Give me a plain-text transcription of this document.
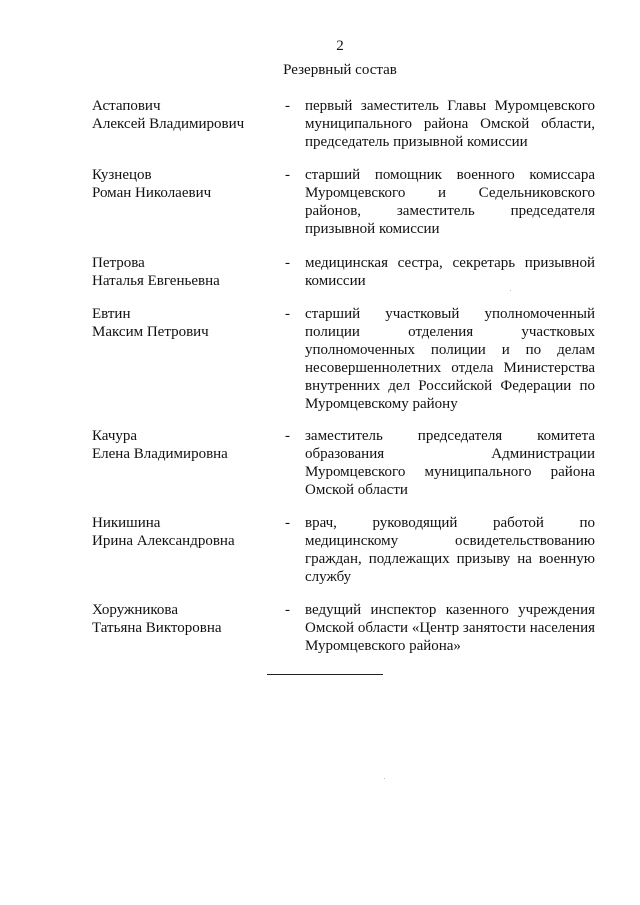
2
Резервный состав
Астапович
Алексей Владимирович
- первый заместитель Главы Муромцевского муниципального района Омской области, председатель призывной комиссии
Кузнецов
Роман Николаевич
- старший помощник военного комиссара Муромцевского и Седельниковского районов, заместитель председателя призывной комиссии
Петрова
Наталья Евгеньевна
- медицинская сестра, секретарь призывной комиссии
Евтин
Максим Петрович
- старший участковый уполномоченный полиции отделения участковых уполномоченных полиции и по делам несовершеннолетних отдела Министерства внутренних дел Российской Федерации по Муромцевскому району
Качура
Елена Владимировна
- заместитель председателя комитета образования Администрации Муромцевского муниципального района Омской области
Никишина
Ирина Александровна
- врач, руководящий работой по медицинскому освидетельствованию граждан, подлежащих призыву на военную службу
Хоружникова
Татьяна Викторовна
- ведущий инспектор казенного учреждения Омской области «Центр занятости населения Муромцевского района»
